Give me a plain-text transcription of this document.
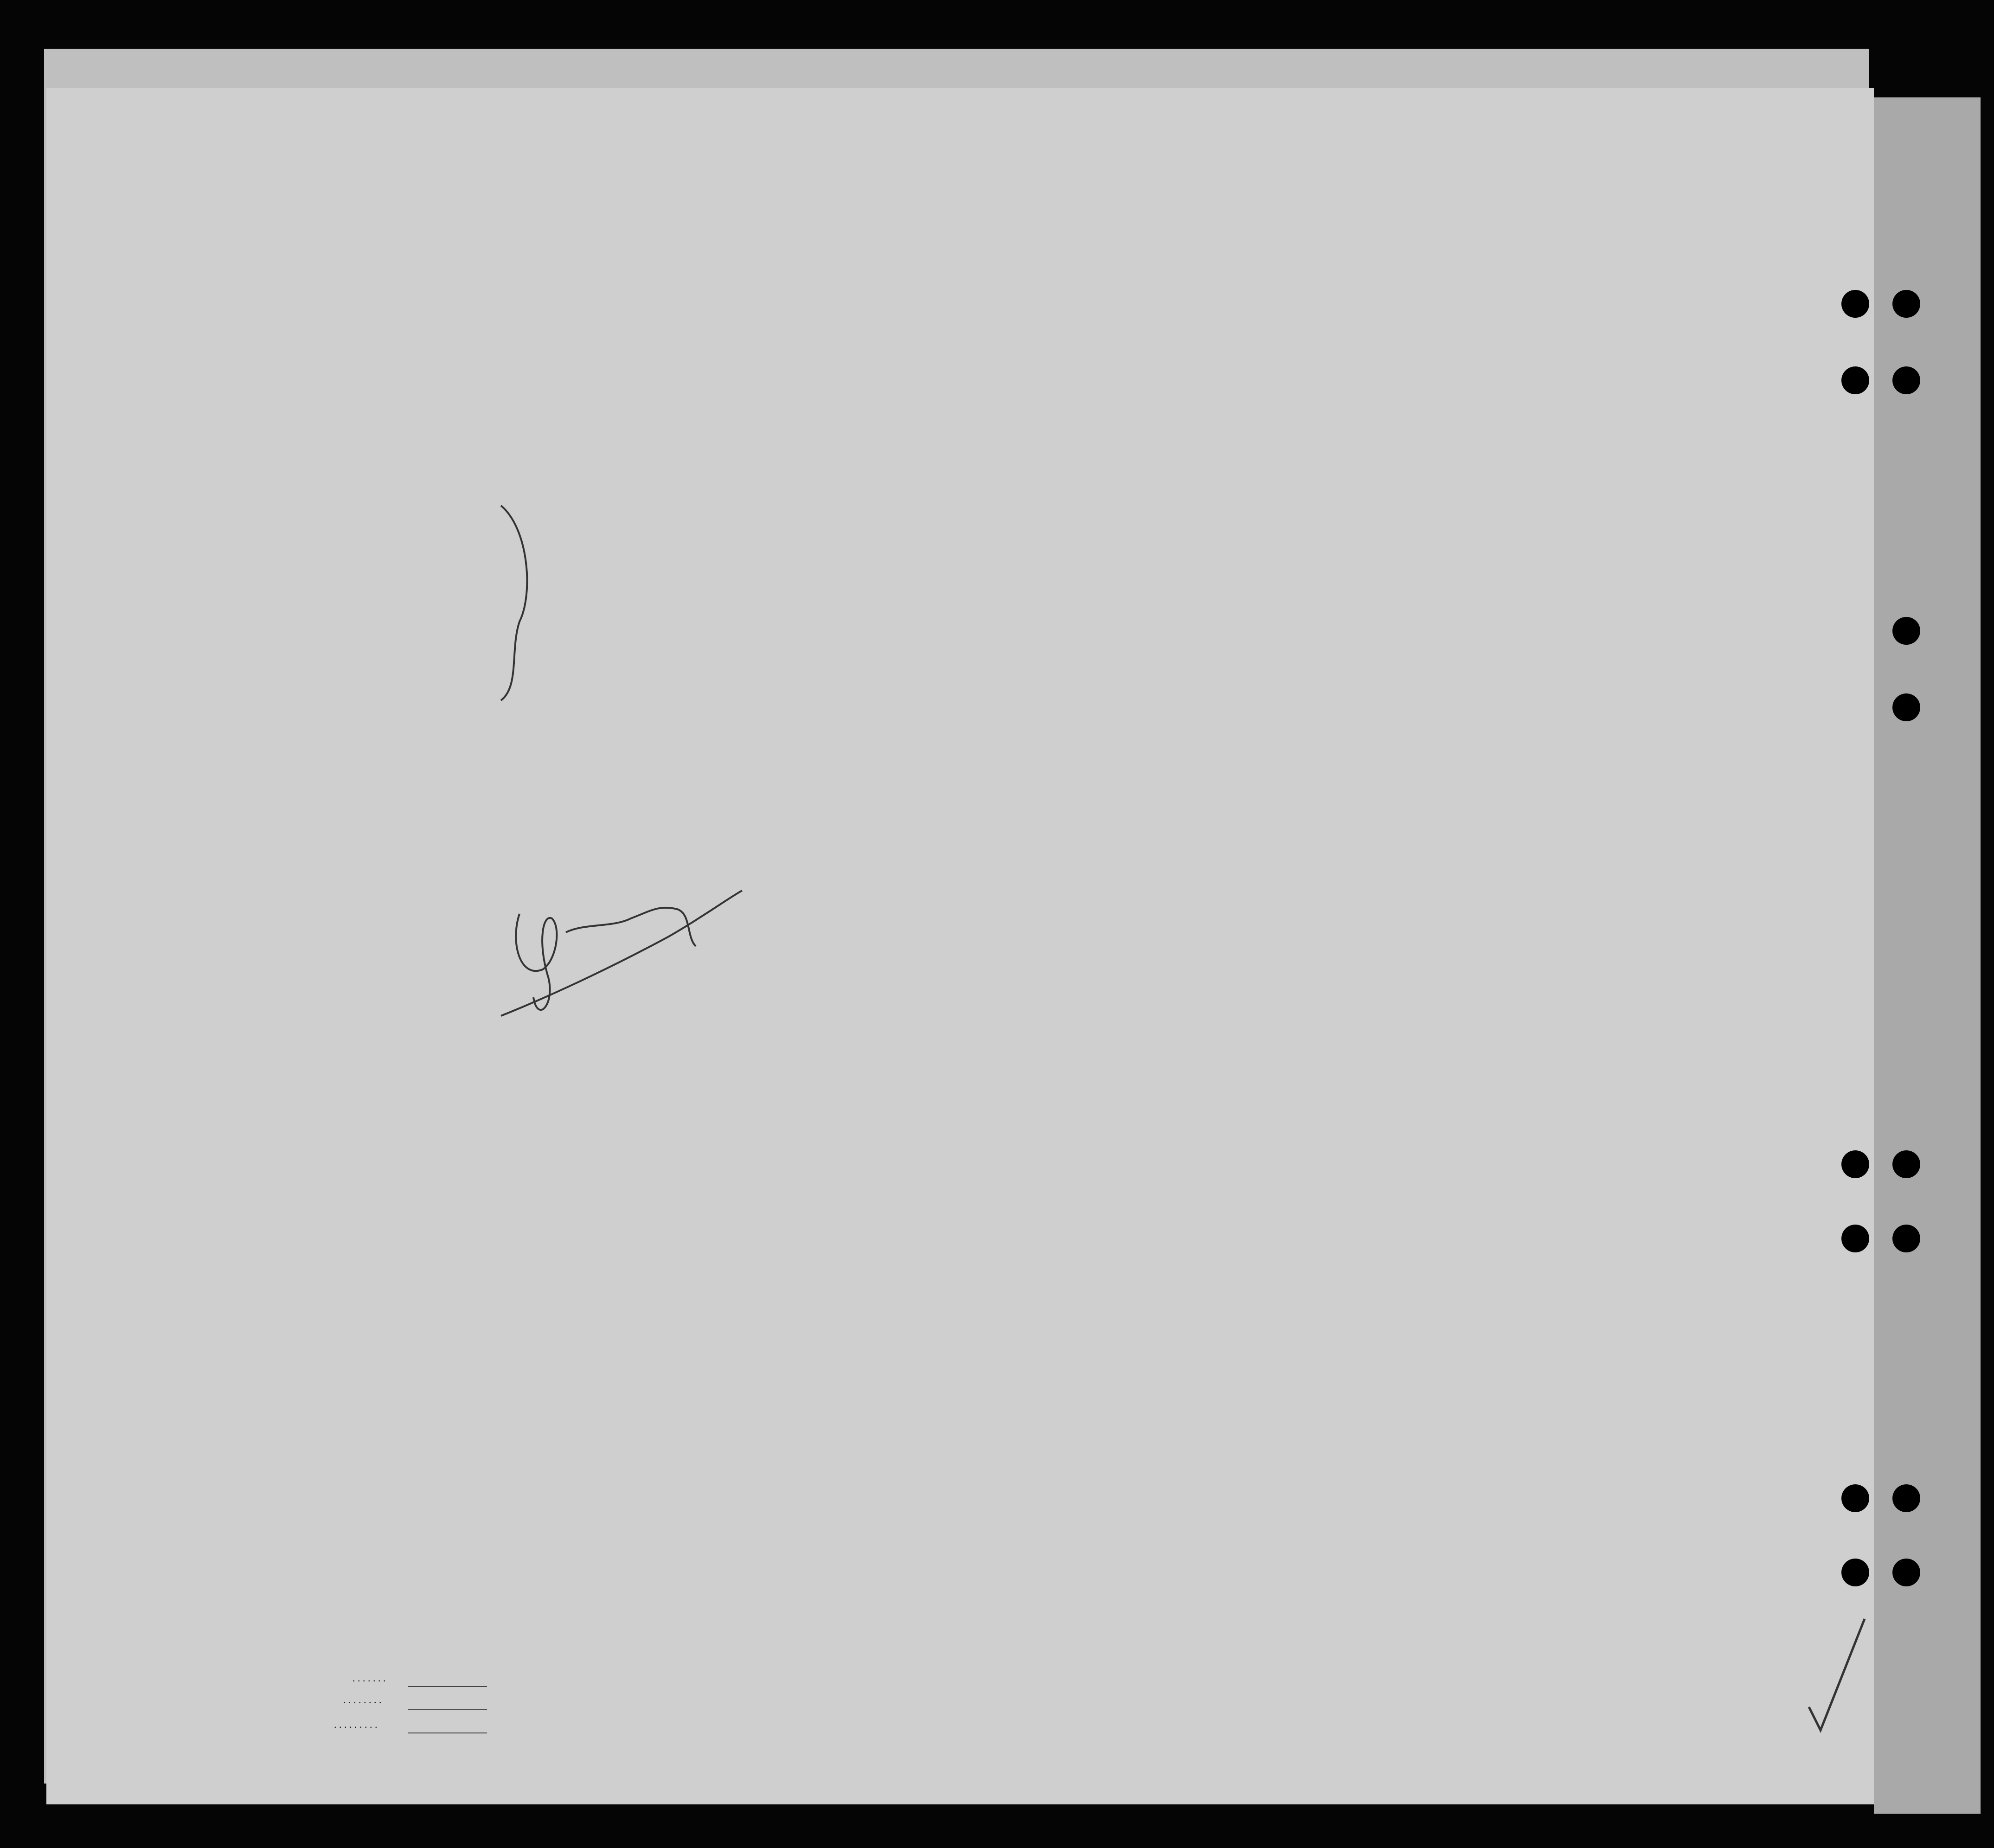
. . . . . . .
. . . . . . . .
. . . . . . . . .
